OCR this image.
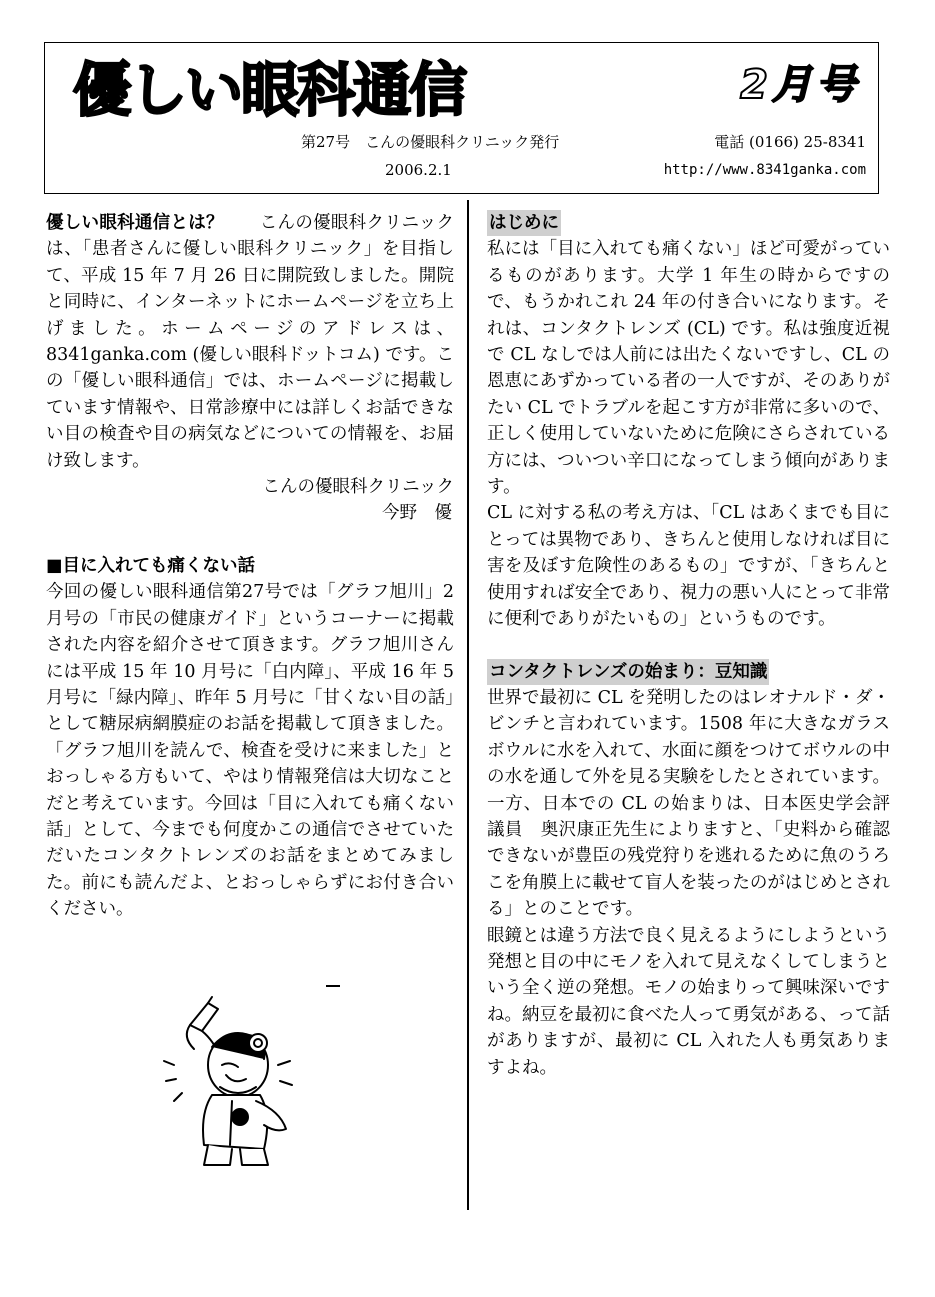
優しい眼科通信	2月号
第27号　こんの優眼科クリニック発行	電話 (0166) 25-8341
2006.2.1	http://www.8341ganka.com

優しい眼科通信とは？ こんの優眼科クリニックは、「患者さんに優しい眼科クリニック」を目指して、平成 15 年 7 月 26 日に開院致しました。開院と同時に、インターネットにホームページを立ち上げました。ホームページのアドレスは、8341ganka.com (優しい眼科ドットコム) です。この「優しい眼科通信」では、ホームページに掲載しています情報や、日常診療中には詳しくお話できない目の検査や目の病気などについての情報を、お届け致します。

こんの優眼科クリニック

今野　優

■目に入れても痛くない話

今回の優しい眼科通信第27号では「グラフ旭川」2月号の「市民の健康ガイド」というコーナーに掲載された内容を紹介させて頂きます。グラフ旭川さんには平成 15 年 10 月号に「白内障」、平成 16 年 5 月号に「緑内障」、昨年 5 月号に「甘くない目の話」として糖尿病網膜症のお話を掲載して頂きました。「グラフ旭川を読んで、検査を受けに来ました」とおっしゃる方もいて、やはり情報発信は大切なことだと考えています。今回は「目に入れても痛くない話」として、今までも何度かこの通信でさせていただいたコンタクトレンズのお話をまとめてみました。前にも読んだよ、とおっしゃらずにお付き合いください。

はじめに

私には「目に入れても痛くない」ほど可愛がっているものがあります。大学 1 年生の時からですので、もうかれこれ 24 年の付き合いになります。それは、コンタクトレンズ (CL) です。私は強度近視で CL なしでは人前には出たくないですし、CL の恩恵にあずかっている者の一人ですが、そのありがたい CL でトラブルを起こす方が非常に多いので、正しく使用していないために危険にさらされている方には、ついつい辛口になってしまう傾向があります。

CL に対する私の考え方は、「CL はあくまでも目にとっては異物であり、きちんと使用しなければ目に害を及ぼす危険性のあるもの」ですが、「きちんと使用すれば安全であり、視力の悪い人にとって非常に便利でありがたいもの」というものです。

コンタクトレンズの始まり：豆知識

世界で最初に CL を発明したのはレオナルド・ダ・ビンチと言われています。1508 年に大きなガラスボウルに水を入れて、水面に顔をつけてボウルの中の水を通して外を見る実験をしたとされています。一方、日本での CL の始まりは、日本医史学会評議員　奥沢康正先生によりますと、「史料から確認できないが豊臣の残党狩りを逃れるために魚のうろこを角膜上に載せて盲人を装ったのがはじめとされる」とのことです。

眼鏡とは違う方法で良く見えるようにしようという発想と目の中にモノを入れて見えなくしてしまうという全く逆の発想。モノの始まりって興味深いですね。納豆を最初に食べた人って勇気がある、って話がありますが、最初に CL 入れた人も勇気ありますよね。
